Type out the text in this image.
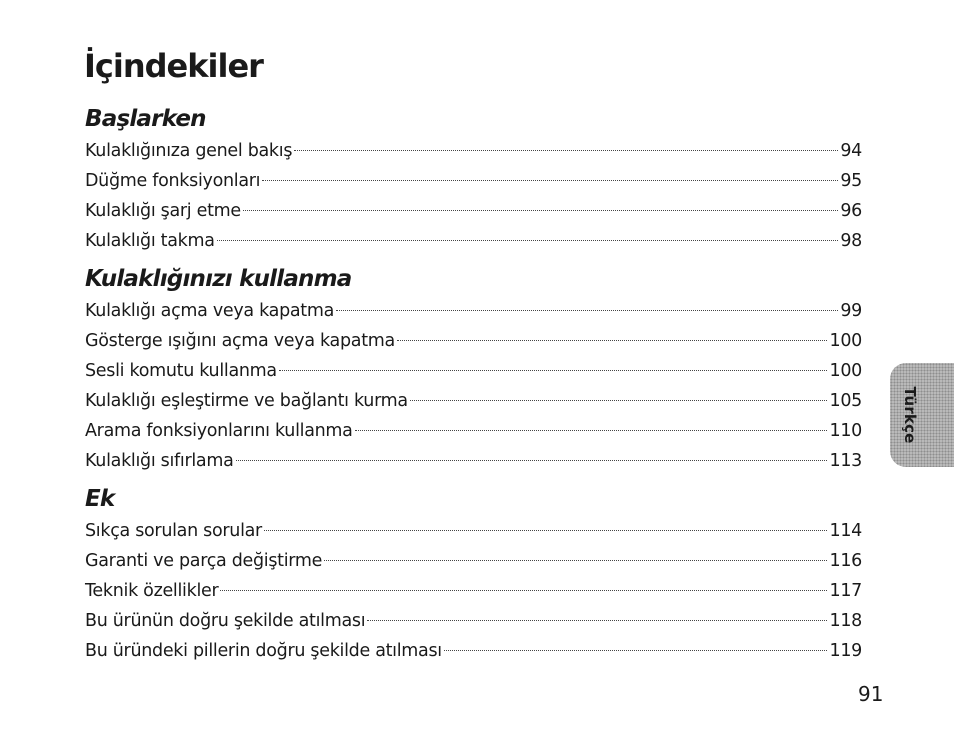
İçindekiler
Başlarken
Kulaklığınıza genel bakış	94
Düğme fonksiyonları	95
Kulaklığı şarj etme	96
Kulaklığı takma	98
Kulaklığınızı kullanma
Kulaklığı açma veya kapatma	99
Gösterge ışığını açma veya kapatma	100
Sesli komutu kullanma	100
Kulaklığı eşleştirme ve bağlantı kurma	105
Arama fonksiyonlarını kullanma	110
Kulaklığı sıfırlama	113
Ek
Sıkça sorulan sorular	114
Garanti ve parça değiştirme	116
Teknik özellikler	117
Bu ürünün doğru şekilde atılması	118
Bu üründeki pillerin doğru şekilde atılması	119
Türkçe
91
